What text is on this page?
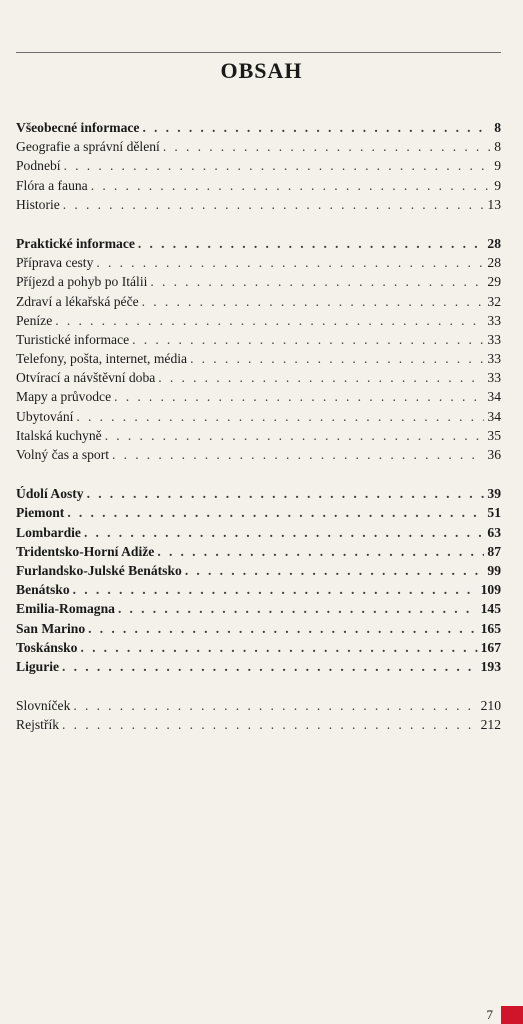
OBSAH
Všeobecné informace . . .	8
Geografie a správní dělení . . .	8
Podnebí . . .	9
Flóra a fauna . . .	9
Historie . . .	13
Praktické informace . . .	28
Příprava cesty . . .	28
Příjezd a pohyb po Itálii . . .	29
Zdraví a lékařská péče . . .	32
Peníze . . .	33
Turistické informace . . .	33
Telefony, pošta, internet, média . . .	33
Otvírací a návštěvní doba . . .	33
Mapy a průvodce . . .	34
Ubytování . . .	34
Italská kuchyně . . .	35
Volný čas a sport . . .	36
Údolí Aosty . . .	39
Piemont . . .	51
Lombardie . . .	63
Tridentsko-Horní Adiže . . .	87
Furlandsko-Julské Benátsko . . .	99
Benátsko . . .	109
Emilia-Romagna . . .	145
San Marino . . .	165
Toskánsko . . .	167
Ligurie . . .	193
Slovníček . . .	210
Rejstřík . . .	212
7
